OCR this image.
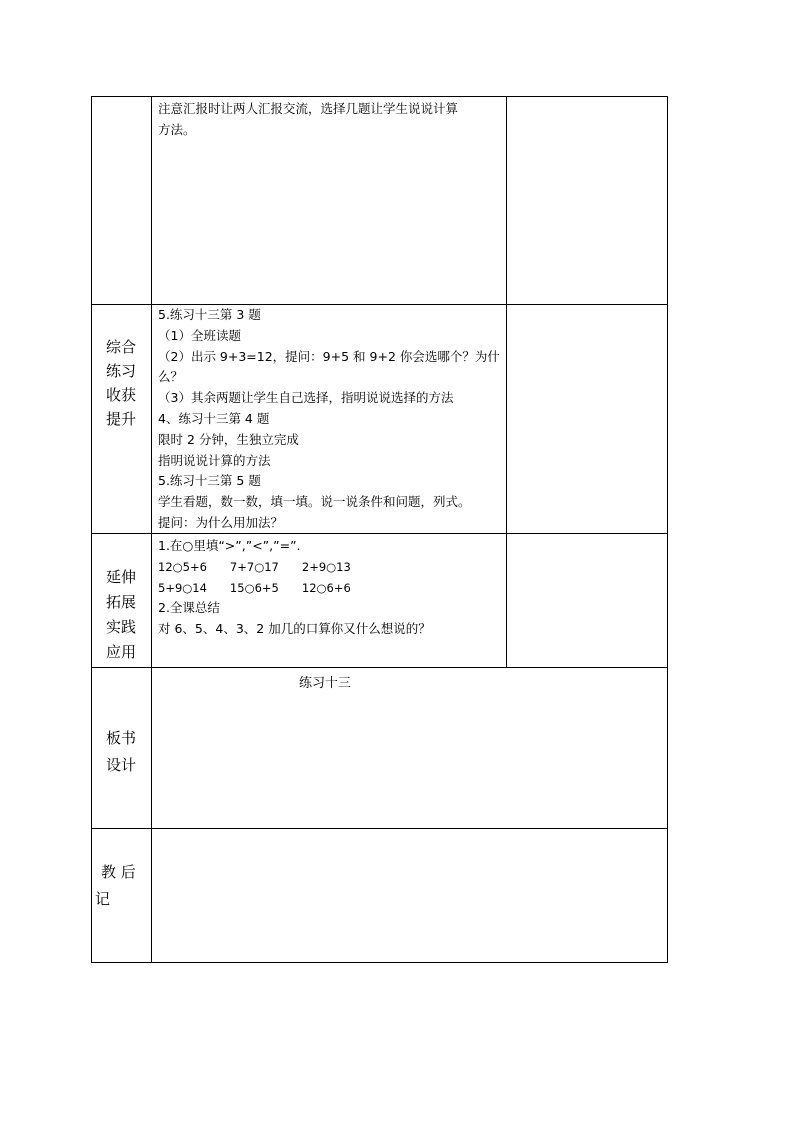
注意汇报时让两人汇报交流，选择几题让学生说说计算
方法。
综合
练习
收获
提升
5.练习十三第 3 题
（1）全班读题
（2）出示 9+3=12，提问：9+5 和 9+2 你会选哪个？为什
么？
（3）其余两题让学生自己选择，指明说说选择的方法
4、练习十三第 4 题
限时 2 分钟，生独立完成
指明说说计算的方法
5.练习十三第 5 题
学生看题，数一数，填一填。说一说条件和问题，列式。
提问：为什么用加法？
延伸
拓展
实践
应用
1.在○里填“>”,”<”,”=”.
12○5+6　　7+7○17　　2+9○13
5+9○14　　15○6+5　　12○6+6
2.全课总结
对 6、5、4、3、2 加几的口算你又什么想说的？
板书
设计
练习十三
教 后
记
